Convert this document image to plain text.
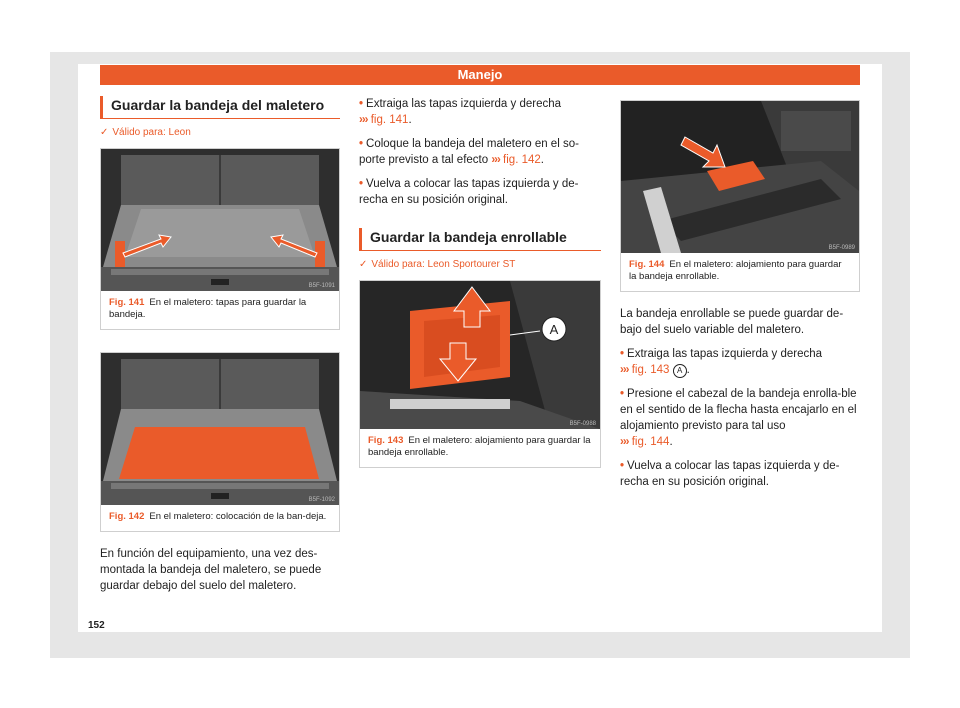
Manejo
Guardar la bandeja del maletero
✓ Válido para: Leon
B5F-1091
Fig. 141 En el maletero: tapas para guardar la bandeja.
B5F-1092
Fig. 142 En el maletero: colocación de la ban-deja.

En función del equipamiento, una vez des-montada la bandeja del maletero, se puede guardar debajo del suelo del maletero.

• Extraiga las tapas izquierda y derecha
››› fig. 141.
• Coloque la bandeja del maletero en el so-porte previsto a tal efecto ››› fig. 142.
• Vuelva a colocar las tapas izquierda y de-recha en su posición original.
Guardar la bandeja enrollable
✓ Válido para: Leon Sportourer ST
A
B5F-0988
Fig. 143 En el maletero: alojamiento para guardar la bandeja enrollable.
B5F-0989
Fig. 144 En el maletero: alojamiento para guardar la bandeja enrollable.

La bandeja enrollable se puede guardar de-bajo del suelo variable del maletero.

• Extraiga las tapas izquierda y derecha
››› fig. 143 A .
• Presione el cabezal de la bandeja enrolla-ble en el sentido de la flecha hasta encajarlo en el alojamiento previsto para tal uso
››› fig. 144.
• Vuelva a colocar las tapas izquierda y de-recha en su posición original.
152
